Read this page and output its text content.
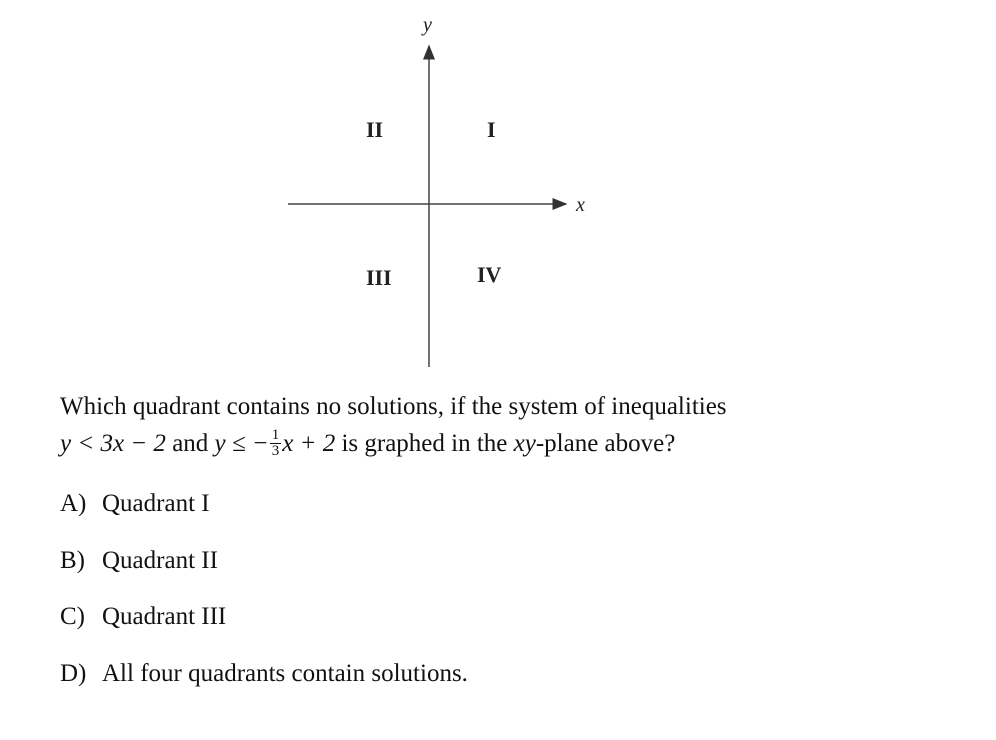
y
x
II	I
III	IV
Which quadrant contains no solutions, if the system of inequalities
y < 3x − 2 and y ≤ − $\frac{1}{3}$ x + 2 is graphed in the xy-plane above?
A) Quadrant I
B) Quadrant II
C) Quadrant III
D) All four quadrants contain solutions.
